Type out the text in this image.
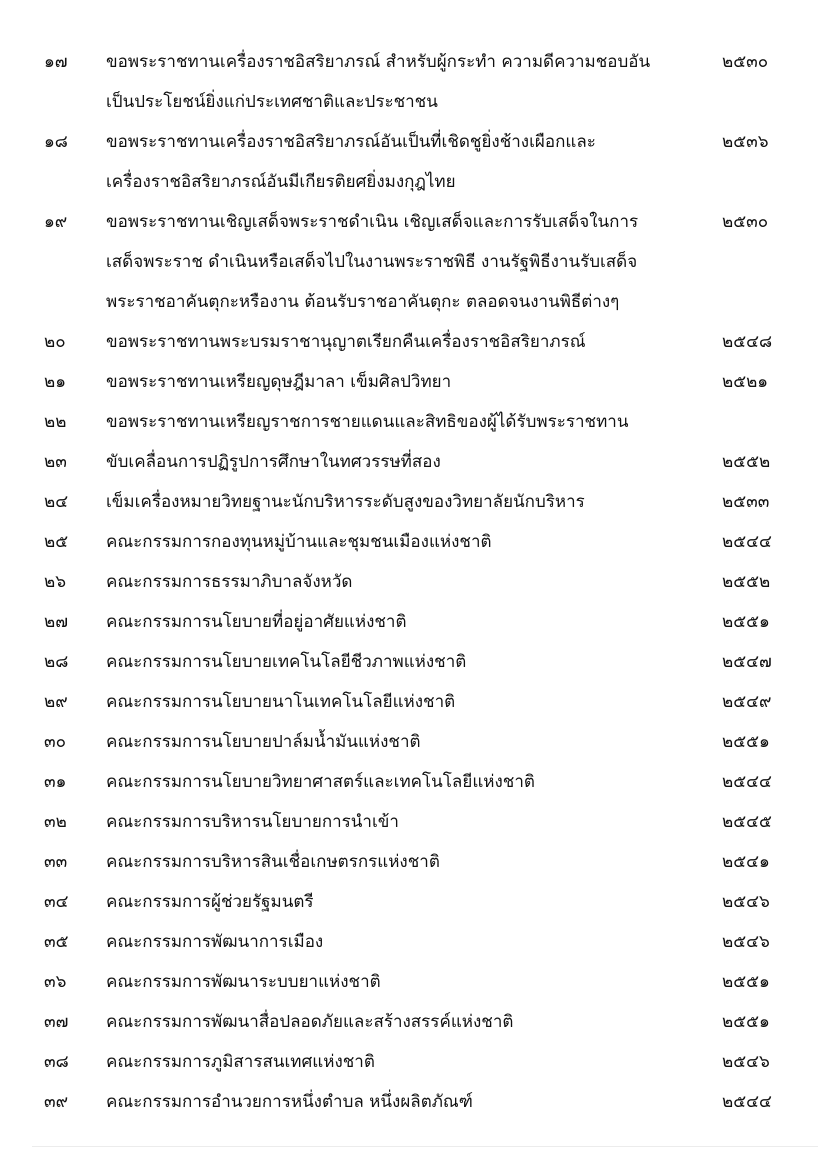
๑๗	ขอพระราชทานเครื่องราชอิสริยาภรณ์ สำหรับผู้กระทำ ความดีความชอบอัน	๒๕๓๐
เป็นประโยชน์ยิ่งแก่ประเทศชาติและประชาชน
๑๘	ขอพระราชทานเครื่องราชอิสริยาภรณ์อันเป็นที่เชิดชูยิ่งช้างเผือกและ	๒๕๓๖
เครื่องราชอิสริยาภรณ์อันมีเกียรติยศยิ่งมงกุฎไทย
๑๙	ขอพระราชทานเชิญเสด็จพระราชดำเนิน เชิญเสด็จและการรับเสด็จในการ	๒๕๓๐
เสด็จพระราช ดำเนินหรือเสด็จไปในงานพระราชพิธี งานรัฐพิธีงานรับเสด็จ
พระราชอาคันตุกะหรืองาน ต้อนรับราชอาคันตุกะ ตลอดจนงานพิธีต่างๆ
๒๐	ขอพระราชทานพระบรมราชานุญาตเรียกคืนเครื่องราชอิสริยาภรณ์	๒๕๔๘
๒๑	ขอพระราชทานเหรียญดุษฎีมาลา เข็มศิลปวิทยา	๒๕๒๑
๒๒	ขอพระราชทานเหรียญราชการชายแดนและสิทธิของผู้ได้รับพระราชทาน
๒๓	ขับเคลื่อนการปฏิรูปการศึกษาในทศวรรษที่สอง	๒๕๕๒
๒๔	เข็มเครื่องหมายวิทยฐานะนักบริหารระดับสูงของวิทยาลัยนักบริหาร	๒๕๓๓
๒๕	คณะกรรมการกองทุนหมู่บ้านและชุมชนเมืองแห่งชาติ	๒๕๔๔
๒๖	คณะกรรมการธรรมาภิบาลจังหวัด	๒๕๕๒
๒๗	คณะกรรมการนโยบายที่อยู่อาศัยแห่งชาติ	๒๕๕๑
๒๘	คณะกรรมการนโยบายเทคโนโลยีชีวภาพแห่งชาติ	๒๕๔๗
๒๙	คณะกรรมการนโยบายนาโนเทคโนโลยีแห่งชาติ	๒๕๔๙
๓๐	คณะกรรมการนโยบายปาล์มน้ำมันแห่งชาติ	๒๕๕๑
๓๑	คณะกรรมการนโยบายวิทยาศาสตร์และเทคโนโลยีแห่งชาติ	๒๕๔๔
๓๒	คณะกรรมการบริหารนโยบายการนำเข้า	๒๕๔๕
๓๓	คณะกรรมการบริหารสินเชื่อเกษตรกรแห่งชาติ	๒๕๔๑
๓๔	คณะกรรมการผู้ช่วยรัฐมนตรี	๒๕๔๖
๓๕	คณะกรรมการพัฒนาการเมือง	๒๕๔๖
๓๖	คณะกรรมการพัฒนาระบบยาแห่งชาติ	๒๕๕๑
๓๗	คณะกรรมการพัฒนาสื่อปลอดภัยและสร้างสรรค์แห่งชาติ	๒๕๕๑
๓๘	คณะกรรมการภูมิสารสนเทศแห่งชาติ	๒๕๔๖
๓๙	คณะกรรมการอำนวยการหนึ่งตำบล หนึ่งผลิตภัณฑ์	๒๕๔๔
